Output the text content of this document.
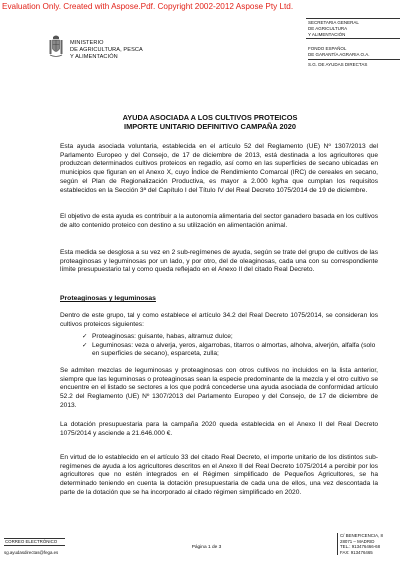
Evaluation Only. Created with Aspose.Pdf. Copyright 2002-2012 Aspose Pty Ltd.
MINISTERIO
DE AGRICULTURA, PESCA
Y ALIMENTACIÓN
SECRETARIA GENERAL
DE AGRICULTURA
Y ALIMENTACIÓN
FONDO ESPAÑOL
DE GARANTÍA AGRARIA O.A.
S.G. DE AYUDAS DIRECTAS
AYUDA ASOCIADA A LOS CULTIVOS PROTEICOS
IMPORTE UNITARIO DEFINITIVO CAMPAÑA 2020
Esta ayuda asociada voluntaria, establecida en el artículo 52 del Reglamento (UE) Nº 1307/2013 del Parlamento Europeo y del Consejo, de 17 de diciembre de 2013, está destinada a los agricultores que produzcan determinados cultivos proteicos en regadío, así como en las superficies de secano ubicadas en municipios que figuran en el Anexo X, cuyo Índice de Rendimiento Comarcal (IRC) de cereales en secano, según el Plan de Regionalización Productiva, es mayor a 2.000 kg/ha que cumplan los requisitos establecidos en la Sección 3ª del Capítulo I del Título IV del Real Decreto 1075/2014 de 19 de diciembre.
El objetivo de esta ayuda es contribuir a la autonomía alimentaria del sector ganadero basada en los cultivos de alto contenido proteico con destino a su utilización en alimentación animal.
Esta medida se desglosa a su vez en 2 sub-regímenes de ayuda, según se trate del grupo de cultivos de las proteaginosas y leguminosas por un lado, y por otro, del de oleaginosas, cada una con su correspondiente límite presupuestario tal y como queda reflejado en el Anexo II del citado Real Decreto.
Proteaginosas y leguminosas
Dentro de este grupo, tal y como establece el artículo 34.2 del Real Decreto 1075/2014, se consideran los cultivos proteicos siguientes:
✓ Proteaginosas: guisante, habas, altramuz dulce;
✓ Leguminosas: veza o alverja, yeros, algarrobas, titarros o almortas, alholva, alverjón, alfalfa (solo en superficies de secano), esparceta, zulla;
Se admiten mezclas de leguminosas y proteaginosas con otros cultivos no incluidos en la lista anterior, siempre que las leguminosas o proteaginosas sean la especie predominante de la mezcla y el otro cultivo se encuentre en el listado se sectores a los que podrá concederse una ayuda asociada de conformidad artículo 52.2 del Reglamento (UE) Nº 1307/2013 del Parlamento Europeo y del Consejo, de 17 de diciembre de 2013.
La dotación presupuestaria para la campaña 2020 queda establecida en el Anexo II del Real Decreto 1075/2014 y asciende a 21.646.000 €.
En virtud de lo establecido en el artículo 33 del citado Real Decreto, el importe unitario de los distintos sub-regímenes de ayuda a los agricultores descritos en el Anexo II del Real Decreto 1075/2014 a percibir por los agricultores que no estén integrados en el Régimen simplificado de Pequeños Agricultores, se ha determinado teniendo en cuenta la dotación presupuestaria de cada una de ellos, una vez descontada la parte de la dotación que se ha incorporado al citado régimen simplificado en 2020.
CORREO ELECTRÓNICO
sg.ayudasdirectas@fega.es
Página 1 de 3
C/ BENEFICENCIA, 8
28071 – MADRID
TEL.: 913476466-68
FAX: 913476465
